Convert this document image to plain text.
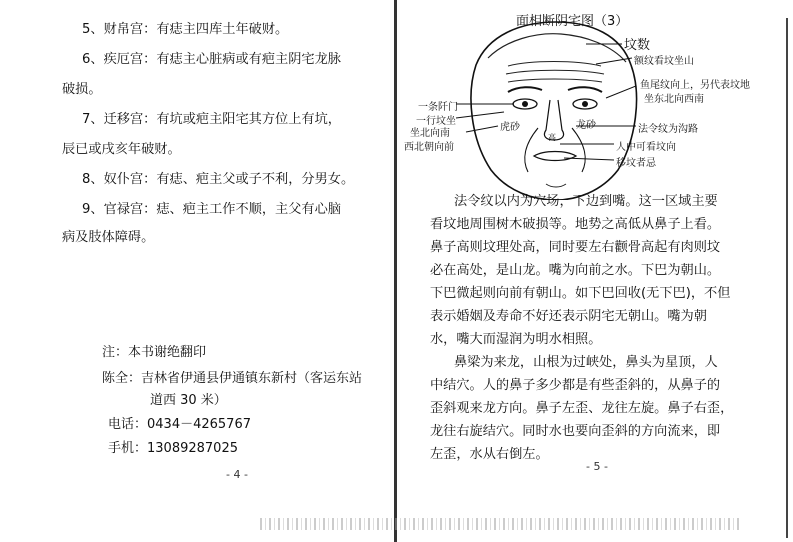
5、财帛宫：有痣主四库土年破财。

6、疾厄宫：有痣主心脏病或有疤主阴宅龙脉

破损。

7、迁移宫：有坑或疤主阳宅其方位上有坑，

辰已或戌亥年破财。

8、奴仆宫：有痣、疤主父或子不利，分男女。

9、官禄宫：痣、疤主工作不顺，主父有心脑

病及肢体障碍。

注：本书谢绝翻印
陈全：吉林省伊通县伊通镇东新村（客运东站
道西 30 米）
电话：0434－4265767
手机：13089287025
- 4 -
面相断阴宅图（3）
坟数
额纹看坟坐山
鱼尾纹向上，另代表坟地
坐东北向西南
法令纹为沟路
人中可看坟向
移坟者忌
一条阡门
一行坟坐
坐北向南
西北朝向前
虎砂	龙砂
高

法令纹以内为穴场，下边到嘴。这一区域主要

看坟地周围树木破损等。地势之高低从鼻子上看。

鼻子高则坟理处高，同时要左右颧骨高起有肉则坟

必在高处，是山龙。嘴为向前之水。下巴为朝山。

下巴微起则向前有朝山。如下巴回收(无下巴)，不但

表示婚姻及寿命不好还表示阴宅无朝山。嘴为朝

水，嘴大而湿润为明水相照。

鼻梁为来龙，山根为过峡处，鼻头为星顶，人

中结穴。人的鼻子多少都是有些歪斜的，从鼻子的

歪斜观来龙方向。鼻子左歪、龙往左旋。鼻子右歪，

龙往右旋结穴。同时水也要向歪斜的方向流来，即

左歪，水从右倒左。

- 5 -
